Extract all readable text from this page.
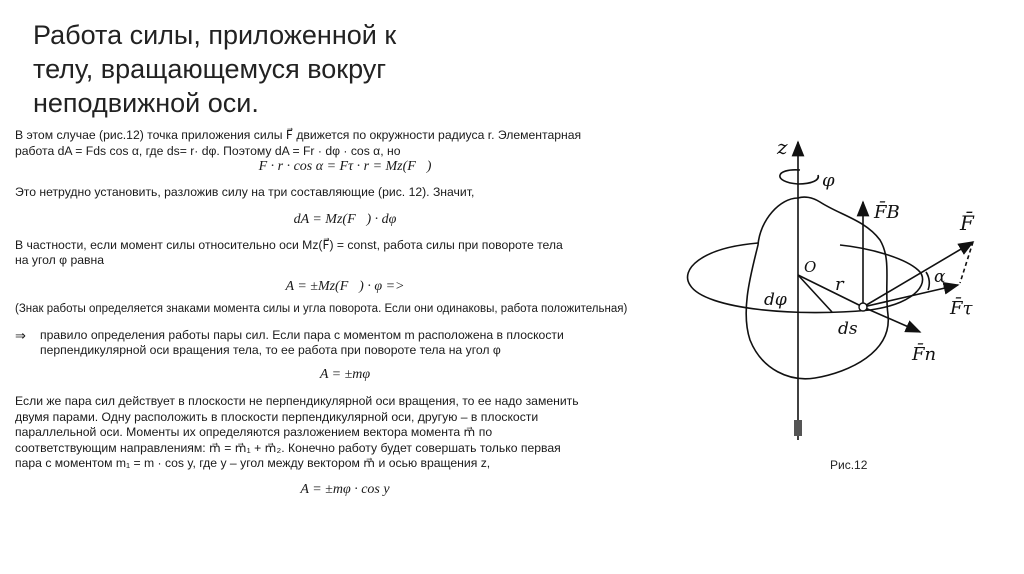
Работа силы, приложенной к телу, вращающемуся вокруг неподвижной оси.

В этом случае (рис.12) точка приложения силы F⃗ движется по окружности радиуса r. Элементарная

работа dA = Fds cos α, где ds= r· dφ. Поэтому dA = Fr · dφ · cos α, но

F · r · cos α = Fτ · r = Mz(F⃗)

Это нетрудно установить, разложив силу на три составляющие (рис. 12). Значит,

dA = Mz(F⃗) · dφ

В частности, если момент силы относительно оси Mz(F⃗) = const, работа силы при повороте тела

на угол φ равна

A = ±Mz(F⃗) · φ =>

(Знак работы определяется знаками момента силы и угла поворота. Если они одинаковы, работа положительная)

⇒	правило определения работы пары сил. Если пара с моментом m расположена в плоскости

перпендикулярной оси вращения тела, то ее работа при повороте тела на угол φ

A = ±mφ

Если же пара сил действует в плоскости не перпендикулярной оси вращения, то ее надо заменить

двумя парами. Одну расположить в плоскости перпендикулярной оси, другую – в плоскости

параллельной оси. Моменты их определяются разложением вектора момента m⃗ по

соответствующим направлениям: m⃗ = m⃗₁ + m⃗₂. Конечно работу будет совершать только первая

пара с моментом m₁ = m · cos y, где y – угол между вектором m⃗ и осью вращения z,

A = ±mφ · cos y

z
φ
O
r
dφ
ds
F̄B	F̄
α
F̄τ
F̄n
Рис.12
